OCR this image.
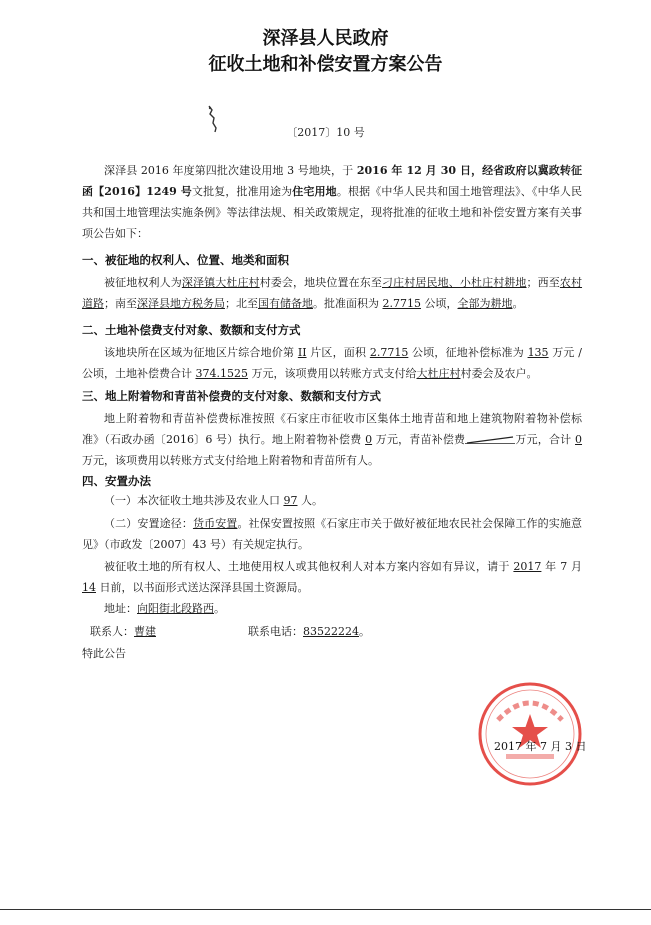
深泽县人民政府
征收土地和补偿安置方案公告
〔2017〕10 号

深泽县 2016 年度第四批次建设用地 3 号地块，于 2016 年 12 月 30 日，经省政府以冀政转征函【2016】1249 号文批复，批准用途为住宅用地。根据《中华人民共和国土地管理法》、《中华人民共和国土地管理法实施条例》等法律法规、相关政策规定，现将批准的征收土地和补偿安置方案有关事项公告如下：

一、被征地的权利人、位置、地类和面积

被征地权利人为深泽镇大杜庄村村委会，地块位置在东至刁庄村居民地、小杜庄村耕地；西至农村道路；南至深泽县地方税务局；北至国有储备地。批准面积为 2.7715 公顷，全部为耕地。

二、土地补偿费支付对象、数额和支付方式

该地块所在区域为征地区片综合地价第 II 片区，面积 2.7715 公顷，征地补偿标准为 135 万元 / 公顷，土地补偿费合计 374.1525 万元，该项费用以转账方式支付给大杜庄村村委会及农户。

三、地上附着物和青苗补偿费的支付对象、数额和支付方式

地上附着物和青苗补偿费标准按照《石家庄市征收市区集体土地青苗和地上建筑物附着物补偿标准》（石政办函〔2016〕6 号）执行。地上附着物补偿费 0 万元，青苗补偿费	万元，合计 0 万元，该项费用以转账方式支付给地上附着物和青苗所有人。

四、安置办法

（一）本次征收土地共涉及农业人口 97 人。

（二）安置途径：货币安置。社保安置按照《石家庄市关于做好被征地农民社会保障工作的实施意见》（市政发〔2007〕43 号）有关规定执行。

被征收土地的所有权人、土地使用权人或其他权利人对本方案内容如有异议，请于 2017 年 7 月 14 日前，以书面形式送达深泽县国土资源局。

地址：向阳街北段路西。
联系人：曹建	联系电话：83522224。
特此公告
2017 年 7 月 3 日
